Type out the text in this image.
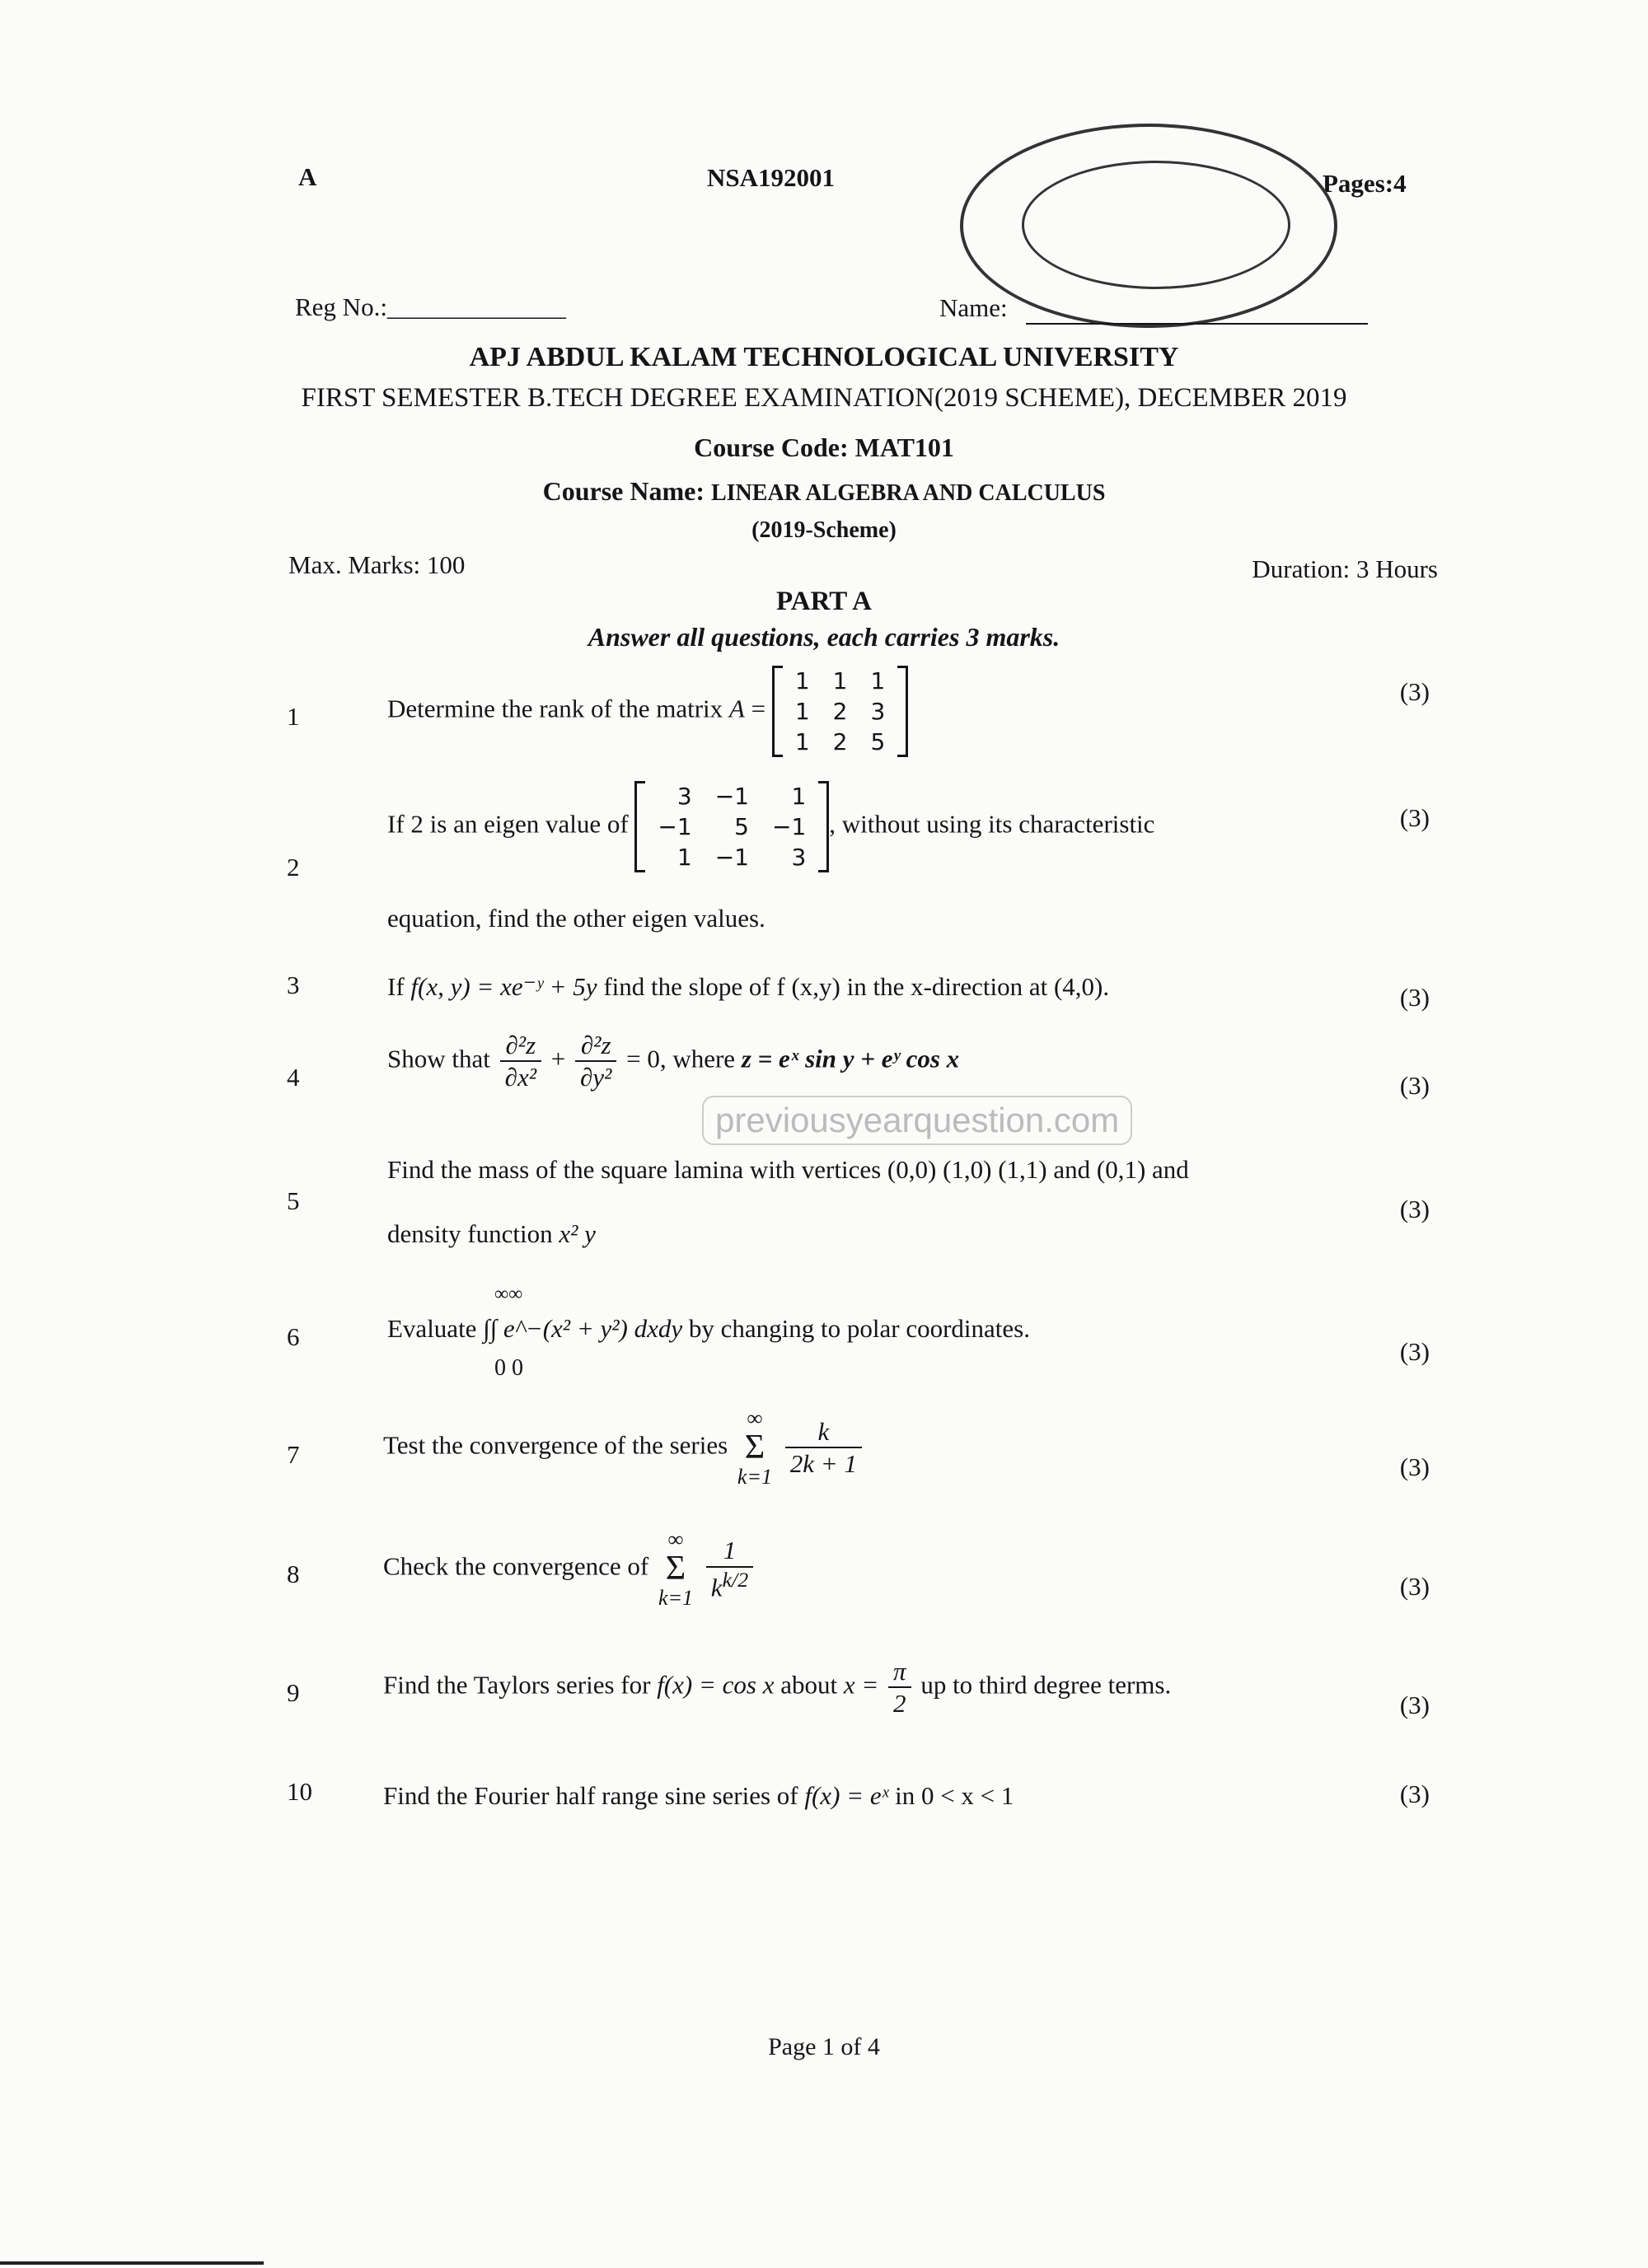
A	NSA192001	Pages:4
Reg No.:______________	Name:
APJ ABDUL KALAM TECHNOLOGICAL UNIVERSITY
FIRST SEMESTER B.TECH DEGREE EXAMINATION(2019 SCHEME), DECEMBER 2019
Course Code: MAT101
Course Name: LINEAR ALGEBRA AND CALCULUS
(2019-Scheme)
Max. Marks: 100	Duration: 3 Hours
PART A
Answer all questions, each carries 3 marks.
1
(3)
Determine the rank of the matrix A =
1	1	1
1	2	3
1	2	5
2
(3)
If 2 is an eigen value of
3	−1	1
−1	5	−1
1	−1	3
, without using its characteristic
equation, find the other eigen values.
3	(3)
If f(x, y) = xe⁻ʸ + 5y find the slope of f (x,y) in the x-direction at (4,0).
4	(3)
Show that $\frac{\text{∂²z}}{\text{∂x²}} + \frac{\text{∂²z}}{\text{∂y²}} = 0$, where z = eˣ sin y + eʸ cos x
previousyearquestion.com
5	(3)
Find the mass of the square lamina with vertices (0,0) (1,0) (1,1) and (0,1) and
density function x² y
6
(3)
∞∞
Evaluate ∫∫ e^−(x² + y²) dxdy by changing to polar coordinates.
0 0
7	(3)
Test the convergence of the series
∞
Σ
k=1
$\frac{k}{2k + 1}$
8	(3)
Check the convergence of
∞
Σ
k=1
$\frac{1}{k^{k/2}}$
9	(3)
Find the Taylors series for f(x) = cos x about $x = \frac{\pi}{2}$ up to third degree terms.
10	(3)
Find the Fourier half range sine series of f(x) = eˣ in 0 < x < 1
Page 1 of 4
